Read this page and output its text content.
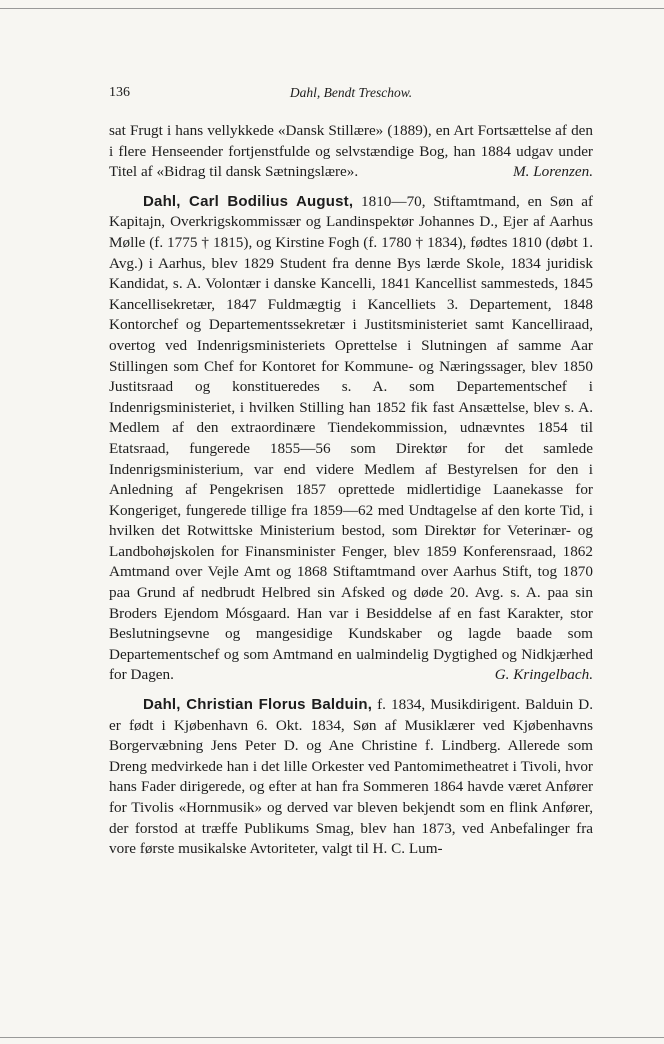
136	Dahl, Bendt Treschow.

sat Frugt i hans vellykkede «Dansk Stillære» (1889), en Art Fortsættelse af den i flere Henseender fortjenstfulde og selvstændige Bog, han 1884 udgav under Titel af «Bidrag til dansk Sætningslære».	M. Lorenzen.

Dahl, Carl Bodilius August, 1810—70, Stiftamtmand, en Søn af Kapitajn, Overkrigskommissær og Landinspektør Johannes D., Ejer af Aarhus Mølle (f. 1775 † 1815), og Kirstine Fogh (f. 1780 † 1834), fødtes 1810 (døbt 1. Avg.) i Aarhus, blev 1829 Student fra denne Bys lærde Skole, 1834 juridisk Kandidat, s. A. Volontær i danske Kancelli, 1841 Kancellist sammesteds, 1845 Kancellisekretær, 1847 Fuldmægtig i Kancelliets 3. Departement, 1848 Kontorchef og Departementssekretær i Justitsministeriet samt Kancelliraad, overtog ved Indenrigsministeriets Oprettelse i Slutningen af samme Aar Stillingen som Chef for Kontoret for Kommune- og Næringssager, blev 1850 Justitsraad og konstitueredes s. A. som Departementschef i Indenrigsministeriet, i hvilken Stilling han 1852 fik fast Ansættelse, blev s. A. Medlem af den extraordinære Tiendekommission, udnævntes 1854 til Etatsraad, fungerede 1855—56 som Direktør for det samlede Indenrigsministerium, var end videre Medlem af Bestyrelsen for den i Anledning af Pengekrisen 1857 oprettede midlertidige Laanekasse for Kongeriget, fungerede tillige fra 1859—62 med Undtagelse af den korte Tid, i hvilken det Rotwittske Ministerium bestod, som Direktør for Veterinær- og Landbohøjskolen for Finansminister Fenger, blev 1859 Konferensraad, 1862 Amtmand over Vejle Amt og 1868 Stiftamtmand over Aarhus Stift, tog 1870 paa Grund af nedbrudt Helbred sin Afsked og døde 20. Avg. s. A. paa sin Broders Ejendom Mósgaard. Han var i Besiddelse af en fast Karakter, stor Beslutningsevne og mangesidige Kundskaber og lagde baade som Departementschef og som Amtmand en ualmindelig Dygtighed og Nidkjærhed for Dagen.	G. Kringelbach.

Dahl, Christian Florus Balduin, f. 1834, Musikdirigent. Balduin D. er født i Kjøbenhavn 6. Okt. 1834, Søn af Musiklærer ved Kjøbenhavns Borgervæbning Jens Peter D. og Ane Christine f. Lindberg. Allerede som Dreng medvirkede han i det lille Orkester ved Pantomimetheatret i Tivoli, hvor hans Fader dirigerede, og efter at han fra Sommeren 1864 havde været Anfører for Tivolis «Hornmusik» og derved var bleven bekjendt som en flink Anfører, der forstod at træffe Publikums Smag, blev han 1873, ved Anbefalinger fra vore første musikalske Avtoriteter, valgt til H. C. Lum-
